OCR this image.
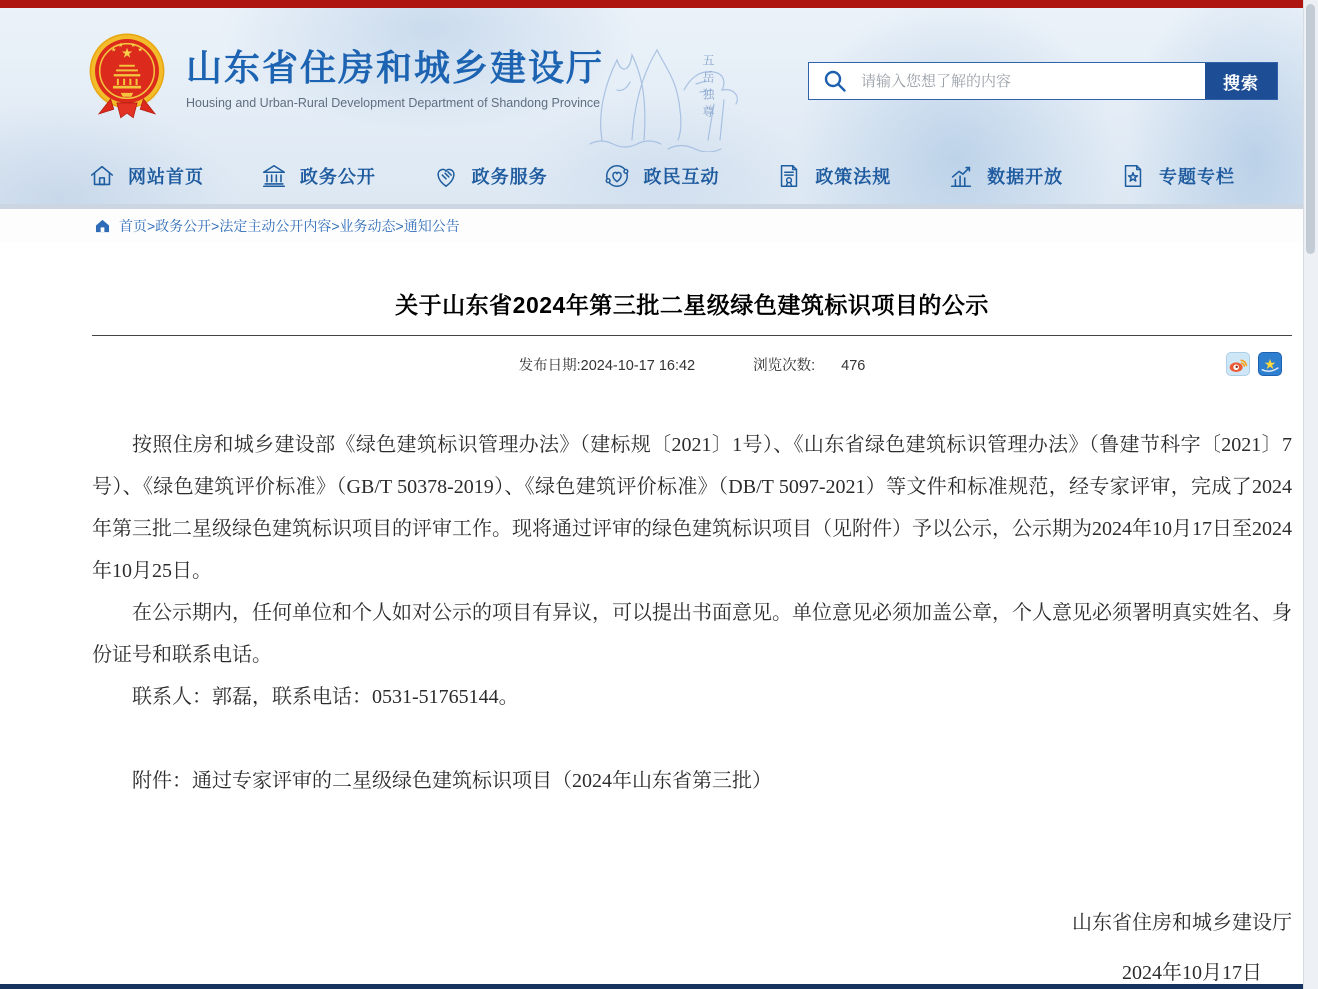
★
★
★ ★
★ 山东省住房和城乡建设厅
Housing and Urban-Rural Development Department of Shandong Province	五岳独尊
请输入您想了解的内容	搜索
网站首页	政务公开	政务服务	政民互动	政策法规	数据开放	专题专栏
首页>政务公开>法定主动公开内容>业务动态>通知公告
关于山东省2024年第三批二星级绿色建筑标识项目的公示
发布日期:2024-10-17 16:42	浏览次数: 476	★

按照住房和城乡建设部《绿色建筑标识管理办法》（建标规〔2021〕1号）、《山东省绿色建筑标识管理办法》（鲁建节科字〔2021〕7号）、《绿色建筑评价标准》（GB/T 50378-2019）、《绿色建筑评价标准》（DB/T 5097-2021）等文件和标准规范，经专家评审，完成了2024年第三批二星级绿色建筑标识项目的评审工作。现将通过评审的绿色建筑标识项目（见附件）予以公示，公示期为2024年10月17日至2024年10月25日。

在公示期内，任何单位和个人如对公示的项目有异议，可以提出书面意见。单位意见必须加盖公章，个人意见必须署明真实姓名、身份证号和联系电话。

联系人：郭磊，联系电话：0531-51765144。

附件：通过专家评审的二星级绿色建筑标识项目（2024年山东省第三批）

山东省住房和城乡建设厅
2024年10月17日
